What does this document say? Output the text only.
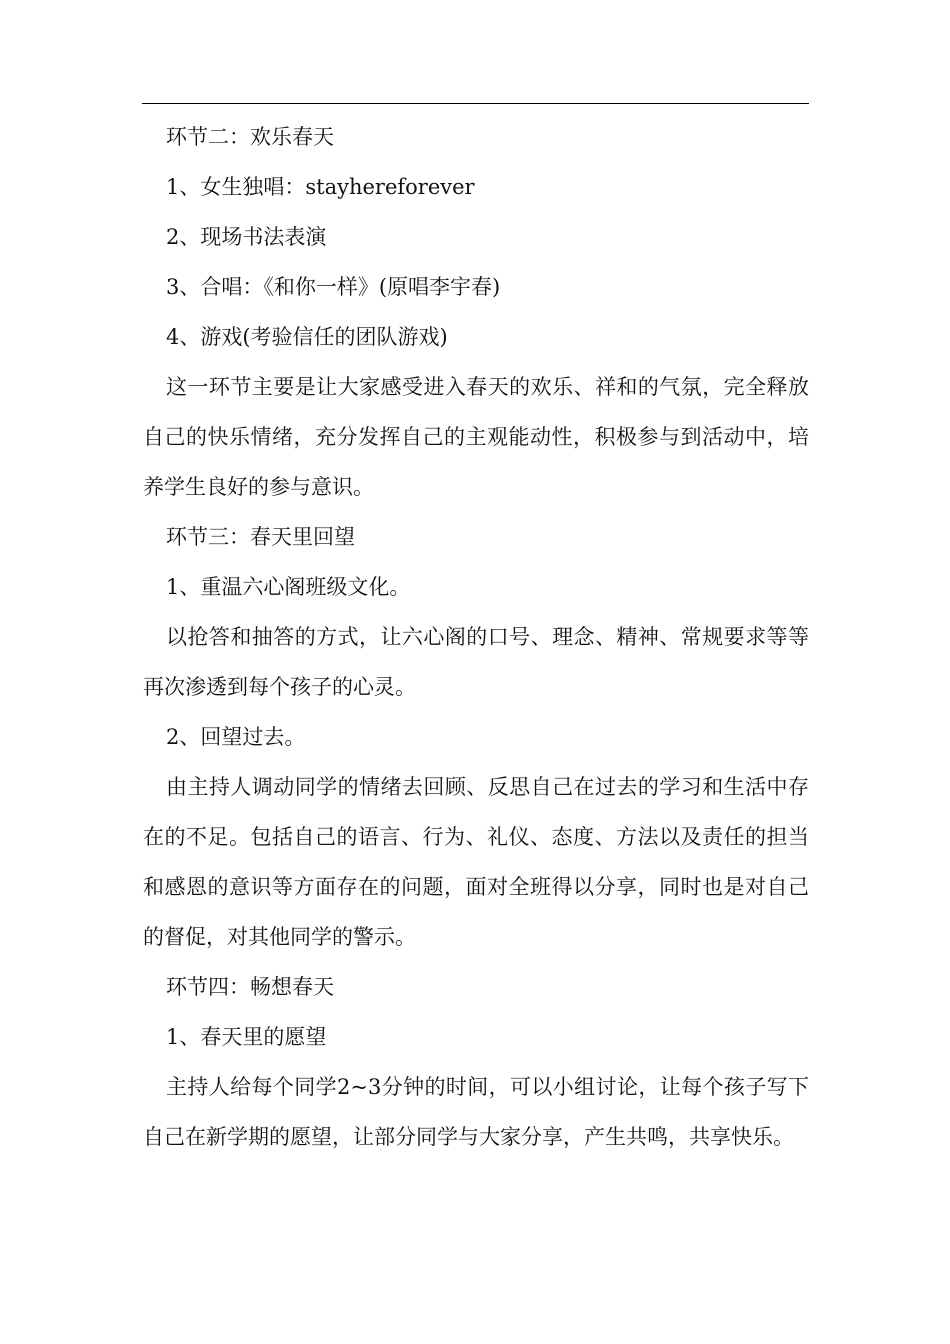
环节二：欢乐春天

1、女生独唱：stayhereforever

2、现场书法表演

3、合唱：《和你一样》(原唱李宇春)

4、游戏(考验信任的团队游戏)

这一环节主要是让大家感受进入春天的欢乐、祥和的气氛，完全释放自己的快乐情绪，充分发挥自己的主观能动性，积极参与到活动中，培养学生良好的参与意识。

环节三：春天里回望

1、重温六心阁班级文化。

以抢答和抽答的方式，让六心阁的口号、理念、精神、常规要求等等再次渗透到每个孩子的心灵。

2、回望过去。

由主持人调动同学的情绪去回顾、反思自己在过去的学习和生活中存在的不足。包括自己的语言、行为、礼仪、态度、方法以及责任的担当和感恩的意识等方面存在的问题，面对全班得以分享，同时也是对自己的督促，对其他同学的警示。

环节四：畅想春天

1、春天里的愿望

主持人给每个同学2~3分钟的时间，可以小组讨论，让每个孩子写下自己在新学期的愿望，让部分同学与大家分享，产生共鸣，共享快乐。
